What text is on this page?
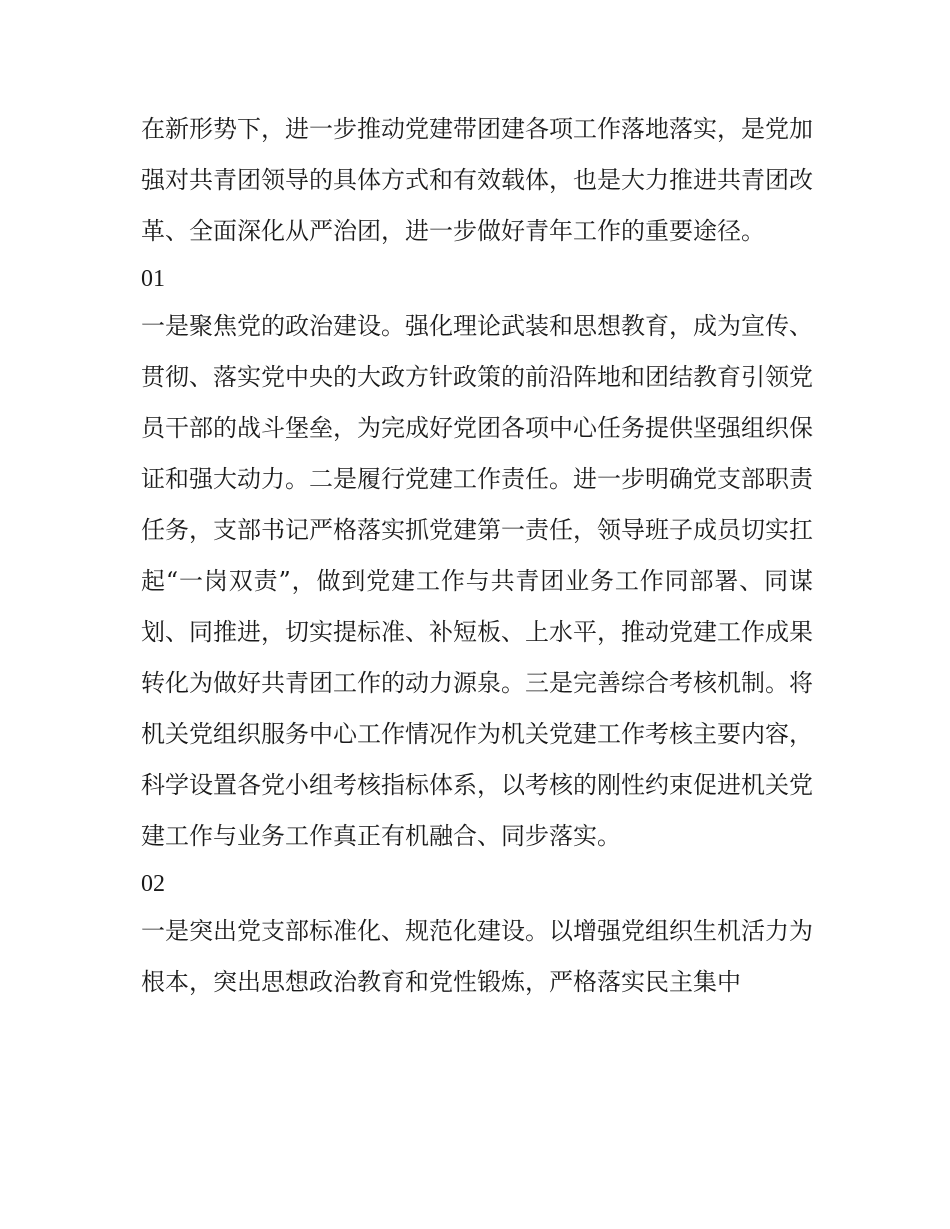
在新形势下，进一步推动党建带团建各项工作落地落实，是党加强对共青团领导的具体方式和有效载体，也是大力推进共青团改革、全面深化从严治团，进一步做好青年工作的重要途径。

01

一是聚焦党的政治建设。强化理论武装和思想教育，成为宣传、贯彻、落实党中央的大政方针政策的前沿阵地和团结教育引领党员干部的战斗堡垒，为完成好党团各项中心任务提供坚强组织保证和强大动力。二是履行党建工作责任。进一步明确党支部职责任务，支部书记严格落实抓党建第一责任，领导班子成员切实扛起“一岗双责”，做到党建工作与共青团业务工作同部署、同谋划、同推进，切实提标准、补短板、上水平，推动党建工作成果转化为做好共青团工作的动力源泉。三是完善综合考核机制。将机关党组织服务中心工作情况作为机关党建工作考核主要内容，科学设置各党小组考核指标体系，以考核的刚性约束促进机关党建工作与业务工作真正有机融合、同步落实。

02

一是突出党支部标准化、规范化建设。以增强党组织生机活力为根本，突出思想政治教育和党性锻炼，严格落实民主集中
